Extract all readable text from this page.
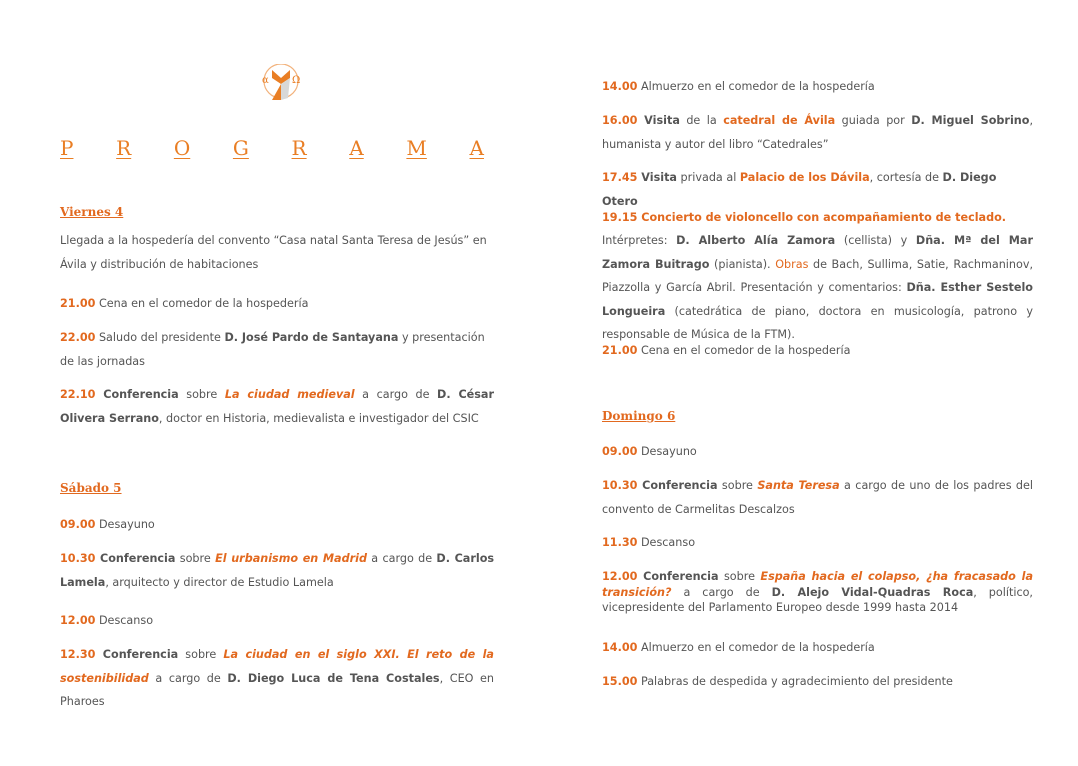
α Ω
P R O G R A M A
Viernes 4
Llegada a la hospedería del convento “Casa natal Santa Teresa de Jesús” en Ávila y distribución de habitaciones
21.00 Cena en el comedor de la hospedería
22.00 Saludo del presidente D. José Pardo de Santayana y presentación de las jornadas
22.10 Conferencia sobre La ciudad medieval a cargo de D. César Olivera Serrano, doctor en Historia, medievalista e investigador del CSIC
Sábado 5
09.00 Desayuno
10.30 Conferencia sobre El urbanismo en Madrid a cargo de D. Carlos Lamela, arquitecto y director de Estudio Lamela
12.00 Descanso
12.30 Conferencia sobre La ciudad en el siglo XXI. El reto de la sostenibilidad a cargo de D. Diego Luca de Tena Costales, CEO en Pharoes
14.00 Almuerzo en el comedor de la hospedería
16.00 Visita de la catedral de Ávila guiada por D. Miguel Sobrino, humanista y autor del libro “Catedrales”
17.45 Visita privada al Palacio de los Dávila, cortesía de D. Diego Otero
19.15 Concierto de violoncello con acompañamiento de teclado.
Intérpretes: D. Alberto Alía Zamora (cellista) y Dña. Mª del Mar Zamora Buitrago (pianista). Obras de Bach, Sullima, Satie, Rachmaninov, Piazzolla y García Abril. Presentación y comentarios: Dña. Esther Sestelo Longueira (catedrática de piano, doctora en musicología, patrono y responsable de Música de la FTM).
21.00 Cena en el comedor de la hospedería
Domingo 6
09.00 Desayuno
10.30 Conferencia sobre Santa Teresa a cargo de uno de los padres del convento de Carmelitas Descalzos
11.30 Descanso
12.00 Conferencia sobre España hacia el colapso, ¿ha fracasado la transición? a cargo de D. Alejo Vidal-Quadras Roca, político, vicepresidente del Parlamento Europeo desde 1999 hasta 2014
14.00 Almuerzo en el comedor de la hospedería
15.00 Palabras de despedida y agradecimiento del presidente
